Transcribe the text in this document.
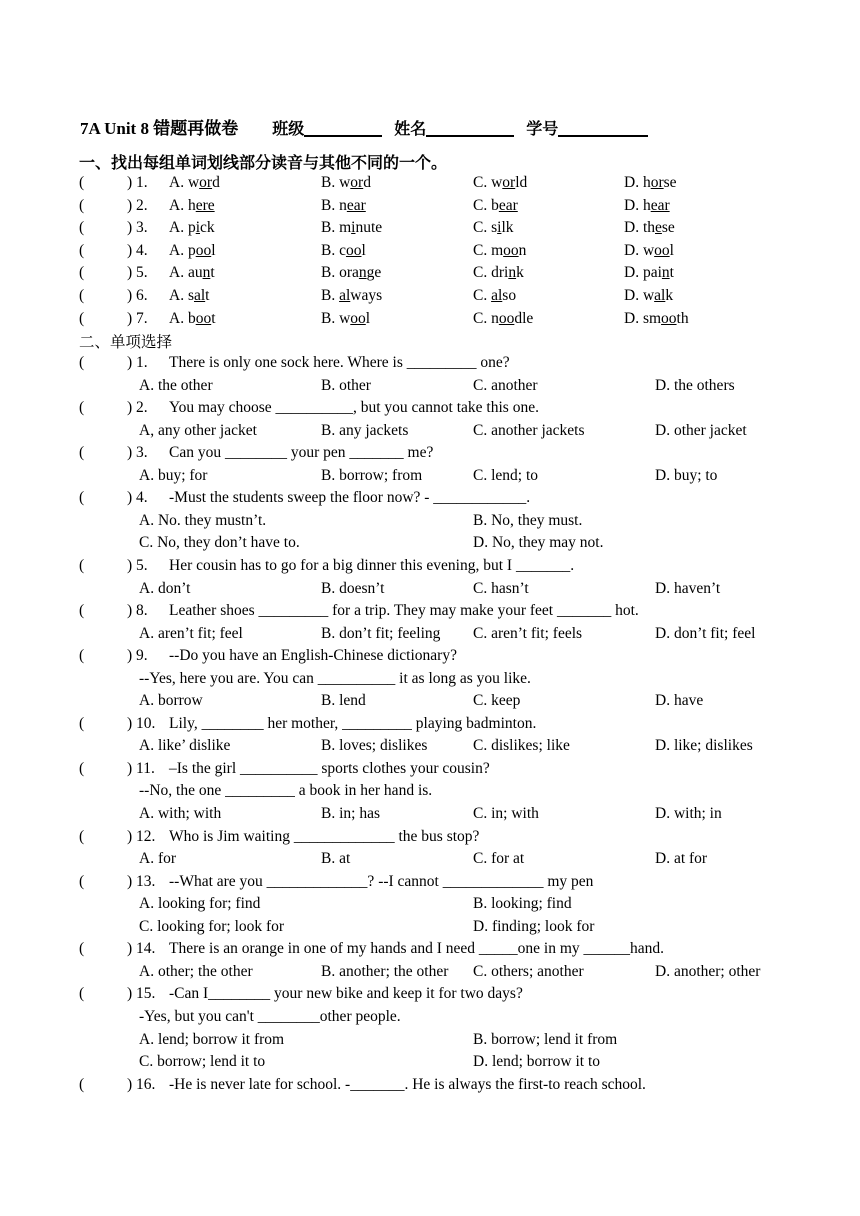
7A Unit 8 错题再做卷 班级	姓名	学号
一、找出每组单词划线部分读音与其他不同的一个。
(	) 1. A. word	B. word	C. world	D. horse
(	) 2. A. here	B. near	C. bear	D. hear
(	) 3. A. pick	B. minute	C. silk	D. these
(	) 4. A. pool	B. cool	C. moon	D. wool
(	) 5. A. aunt	B. orange	C. drink	D. paint
(	) 6. A. salt	B. always	C. also	D. walk
(	) 7. A. boot	B. wool	C. noodle	D. smooth
二、单项选择
(	) 1. There is only one sock here. Where is _________ one?
A. the other	B. other	C. another	D. the others
(	) 2. You may choose __________, but you cannot take this one.
A, any other jacket	B. any jackets	C. another jackets	D. other jacket
(	) 3. Can you ________ your pen _______ me?
A. buy; for	B. borrow; from	C. lend; to	D. buy; to
(	) 4. -Must the students sweep the floor now? - ____________.
A. No. they mustn’t.	B. No, they must.
C. No, they don’t have to.	D. No, they may not.
(	) 5. Her cousin has to go for a big dinner this evening, but I _______.
A. don’t	B. doesn’t	C. hasn’t	D. haven’t
(	) 8. Leather shoes _________ for a trip. They may make your feet _______ hot.
A. aren’t fit; feel	B. don’t fit; feeling C. aren’t fit; feels	D. don’t fit; feel
(	) 9. --Do you have an English-Chinese dictionary?
--Yes, here you are. You can __________ it as long as you like.
A. borrow	B. lend	C. keep	D. have
(	) 10. Lily, ________ her mother, _________ playing badminton.
A. like’ dislike	B. loves; dislikes	C. dislikes; like	D. like; dislikes
(	) 11. –Is the girl __________ sports clothes your cousin?
--No, the one _________ a book in her hand is.
A. with; with	B. in; has	C. in; with	D. with; in
(	) 12. Who is Jim waiting _____________ the bus stop?
A. for	B. at	C. for at	D. at for
(	) 13. --What are you _____________? --I cannot _____________ my pen
A. looking for; find	B. looking; find
C. looking for; look for	D. finding; look for
(	) 14. There is an orange in one of my hands and I need _____one in my ______hand.
A. other; the other	B. another; the other C. others; another	D. another; other
(	) 15. -Can I________ your new bike and keep it for two days?
-Yes, but you can't ________other people.
A. lend; borrow it from	B. borrow; lend it from
C. borrow; lend it to	D. lend; borrow it to
(	) 16. -He is never late for school. -_______. He is always the first-to reach school.
